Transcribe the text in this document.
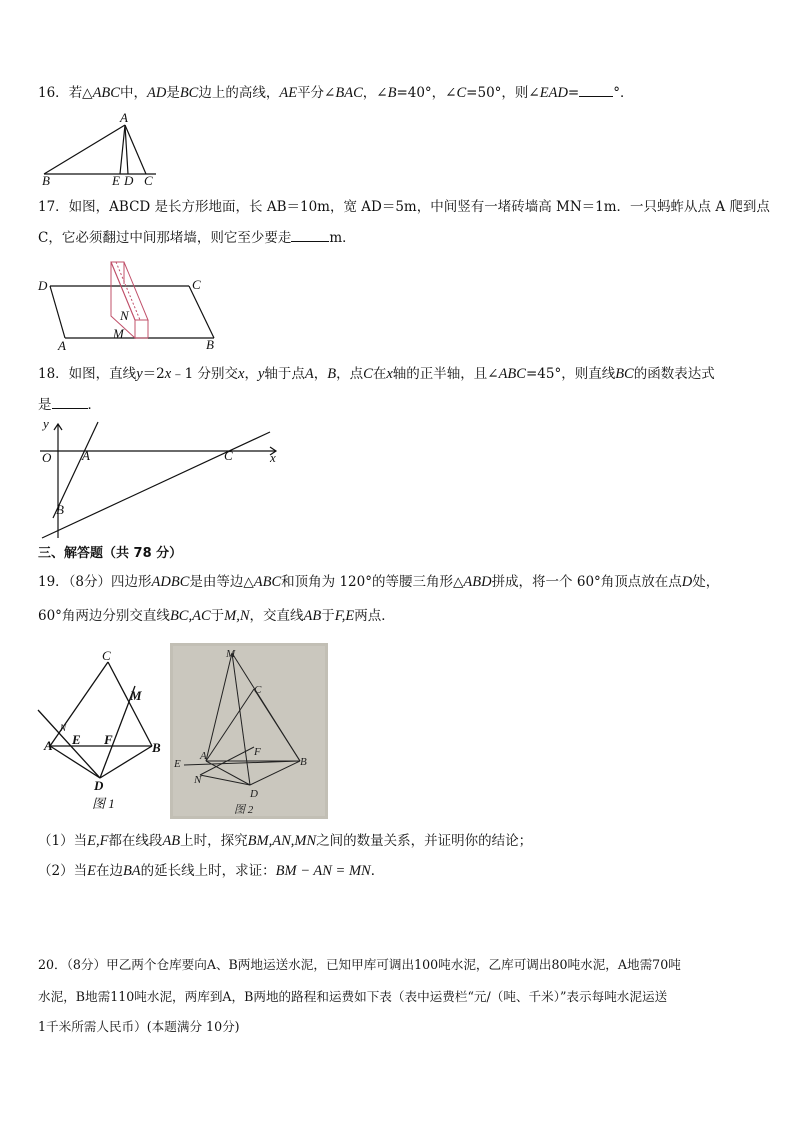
16．若△ABC中，AD是BC边上的高线，AE平分∠BAC，∠B=40°，∠C=50°，则∠EAD=	°．
A
B	E D C
17．如图，ABCD 是长方形地面，长 AB＝10m，宽 AD＝5m，中间竖有一堵砖墙高 MN＝1m．一只蚂蚱从点 A 爬到点
C，它必须翻过中间那堵墙，则它至少要走	m．
D	C
A	B
N
M
18．如图，直线y＝2x﹣1 分别交x，y轴于点A，B，点C在x轴的正半轴，且∠ABC=45°，则直线BC的函数表达式
是	．
y
x
O A	C
B
三、解答题（共 78 分）
19．（8分）四边形ADBC是由等边△ABC和顶角为 120°的等腰三角形△ABD拼成，将一个 60°角顶点放在点D处，
60°角两边分别交直线BC,AC于M,N，交直线AB于F,E两点．
C
M
N
A E F
B
D
图 1
M
C
A	F
E
N
D
B
图 2
（1）当E,F都在线段AB上时，探究BM,AN,MN之间的数量关系，并证明你的结论；
（2）当E在边BA的延长线上时，求证：BM − AN = MN．
20．（8分）甲乙两个仓库要向A、B两地运送水泥，已知甲库可调出100吨水泥，乙库可调出80吨水泥，A地需70吨
水泥，B地需110吨水泥，两库到A，B两地的路程和运费如下表（表中运费栏“元/（吨、千米）”表示每吨水泥运送
1千米所需人民币）(本题满分 10分)
